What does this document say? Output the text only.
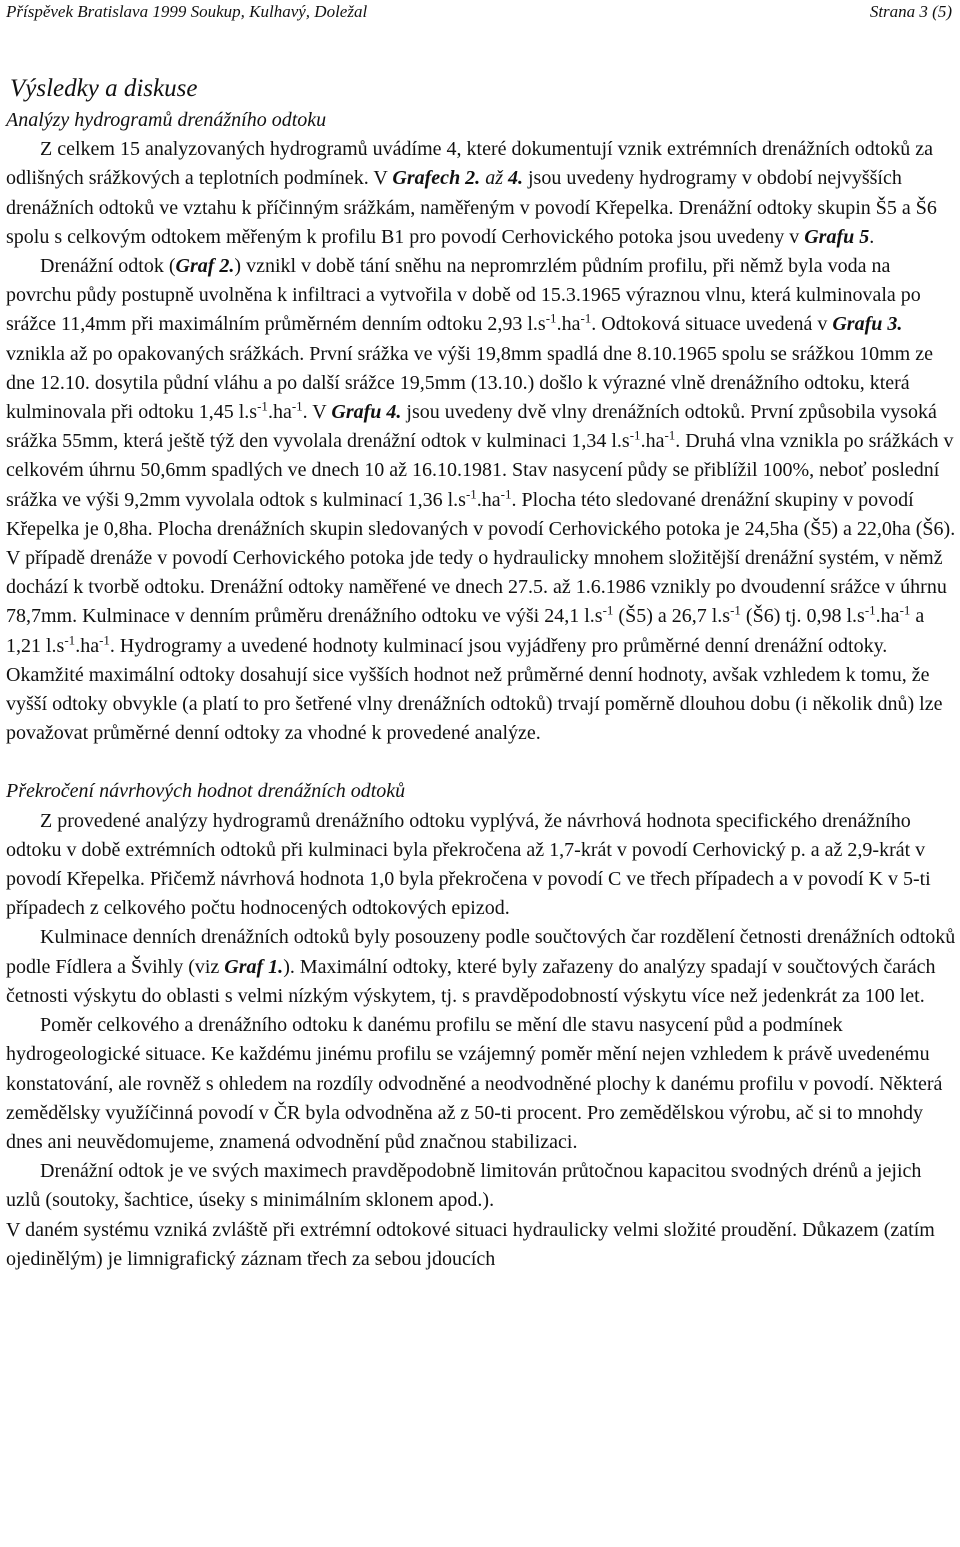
Příspěvek Bratislava 1999 Soukup, Kulhavý, Doležal	Strana 3 (5)
Výsledky a diskuse

Analýzy hydrogramů drenážního odtoku

Z celkem 15 analyzovaných hydrogramů uvádíme 4, které dokumentují vznik extrémních drenážních odtoků za odlišných srážkových a teplotních podmínek. V Grafech 2. až 4. jsou uvedeny hydrogramy v období nejvyšších drenážních odtoků ve vztahu k příčinným srážkám, naměřeným v povodí Křepelka. Drenážní odtoky skupin Š5 a Š6 spolu s celkovým odtokem měřeným k profilu B1 pro povodí Cerhovického potoka jsou uvedeny v Grafu 5.

Drenážní odtok (Graf 2.) vznikl v době tání sněhu na nepromrzlém půdním profilu, při němž byla voda na povrchu půdy postupně uvolněna k infiltraci a vytvořila v době od 15.3.1965 výraznou vlnu, která kulminovala po srážce 11,4mm při maximálním průměrném denním odtoku 2,93 $l.s^{-1}.ha^{-1}$. Odtoková situace uvedená v Grafu 3. vznikla až po opakovaných srážkách. První srážka ve výši 19,8mm spadlá dne 8.10.1965 spolu se srážkou 10mm ze dne 12.10. dosytila půdní vláhu a po další srážce 19,5mm (13.10.) došlo k výrazné vlně drenážního odtoku, která kulminovala při odtoku 1,45 $l.s^{-1}.ha^{-1}$. V Grafu 4. jsou uvedeny dvě vlny drenážních odtoků. První způsobila vysoká srážka 55mm, která ještě týž den vyvolala drenážní odtok v kulminaci 1,34 $l.s^{-1}.ha^{-1}$. Druhá vlna vznikla po srážkách v celkovém úhrnu 50,6mm spadlých ve dnech 10 až 16.10.1981. Stav nasycení půdy se přiblížil 100%, neboť poslední srážka ve výši 9,2mm vyvolala odtok s kulminací 1,36 $l.s^{-1}.ha^{-1}$. Plocha této sledované drenážní skupiny v povodí Křepelka je 0,8ha. Plocha drenážních skupin sledovaných v povodí Cerhovického potoka je 24,5ha (Š5) a 22,0ha (Š6). V případě drenáže v povodí Cerhovického potoka jde tedy o hydraulicky mnohem složitější drenážní systém, v němž dochází k tvorbě odtoku. Drenážní odtoky naměřené ve dnech 27.5. až 1.6.1986 vznikly po dvoudenní srážce v úhrnu 78,7mm. Kulminace v denním průměru drenážního odtoku ve výši 24,1 $l.s^{-1}$ (Š5) a 26,7 $l.s^{-1}$ (Š6) tj. 0,98 $l.s^{-1}.ha^{-1}$ a 1,21 $l.s^{-1}.ha^{-1}$. Hydrogramy a uvedené hodnoty kulminací jsou vyjádřeny pro průměrné denní drenážní odtoky. Okamžité maximální odtoky dosahují sice vyšších hodnot než průměrné denní hodnoty, avšak vzhledem k tomu, že vyšší odtoky obvykle (a platí to pro šetřené vlny drenážních odtoků) trvají poměrně dlouhou dobu (i několik dnů) lze považovat průměrné denní odtoky za vhodné k provedené analýze.

Překročení návrhových hodnot drenážních odtoků

Z provedené analýzy hydrogramů drenážního odtoku vyplývá, že návrhová hodnota specifického drenážního odtoku v době extrémních odtoků při kulminaci byla překročena až 1,7-krát v povodí Cerhovický p. a až 2,9-krát v povodí Křepelka. Přičemž návrhová hodnota 1,0 byla překročena v povodí C ve třech případech a v povodí K v 5-ti případech z celkového počtu hodnocených odtokových epizod.

Kulminace denních drenážních odtoků byly posouzeny podle součtových čar rozdělení četnosti drenážních odtoků podle Fídlera a Švihly (viz Graf 1.). Maximální odtoky, které byly zařazeny do analýzy spadají v součtových čarách četnosti výskytu do oblasti s velmi nízkým výskytem, tj. s pravděpodobností výskytu více než jedenkrát za 100 let.

Poměr celkového a drenážního odtoku k danému profilu se mění dle stavu nasycení půd a podmínek hydrogeologické situace. Ke každému jinému profilu se vzájemný poměr mění nejen vzhledem k právě uvedenému konstatování, ale rovněž s ohledem na rozdíly odvodněné a neodvodněné plochy k danému profilu v povodí. Některá zemědělsky využíčinná povodí v ČR byla odvodněna až z 50-ti procent. Pro zemědělskou výrobu, ač si to mnohdy dnes ani neuvědomujeme, znamená odvodnění půd značnou stabilizaci.

Drenážní odtok je ve svých maximech pravděpodobně limitován průtočnou kapacitou svodných drénů a jejich uzlů (soutoky, šachtice, úseky s minimálním sklonem apod.).

V daném systému vzniká zvláště při extrémní odtokové situaci hydraulicky velmi složité proudění. Důkazem (zatím ojedinělým) je limnigrafický záznam třech za sebou jdoucích
